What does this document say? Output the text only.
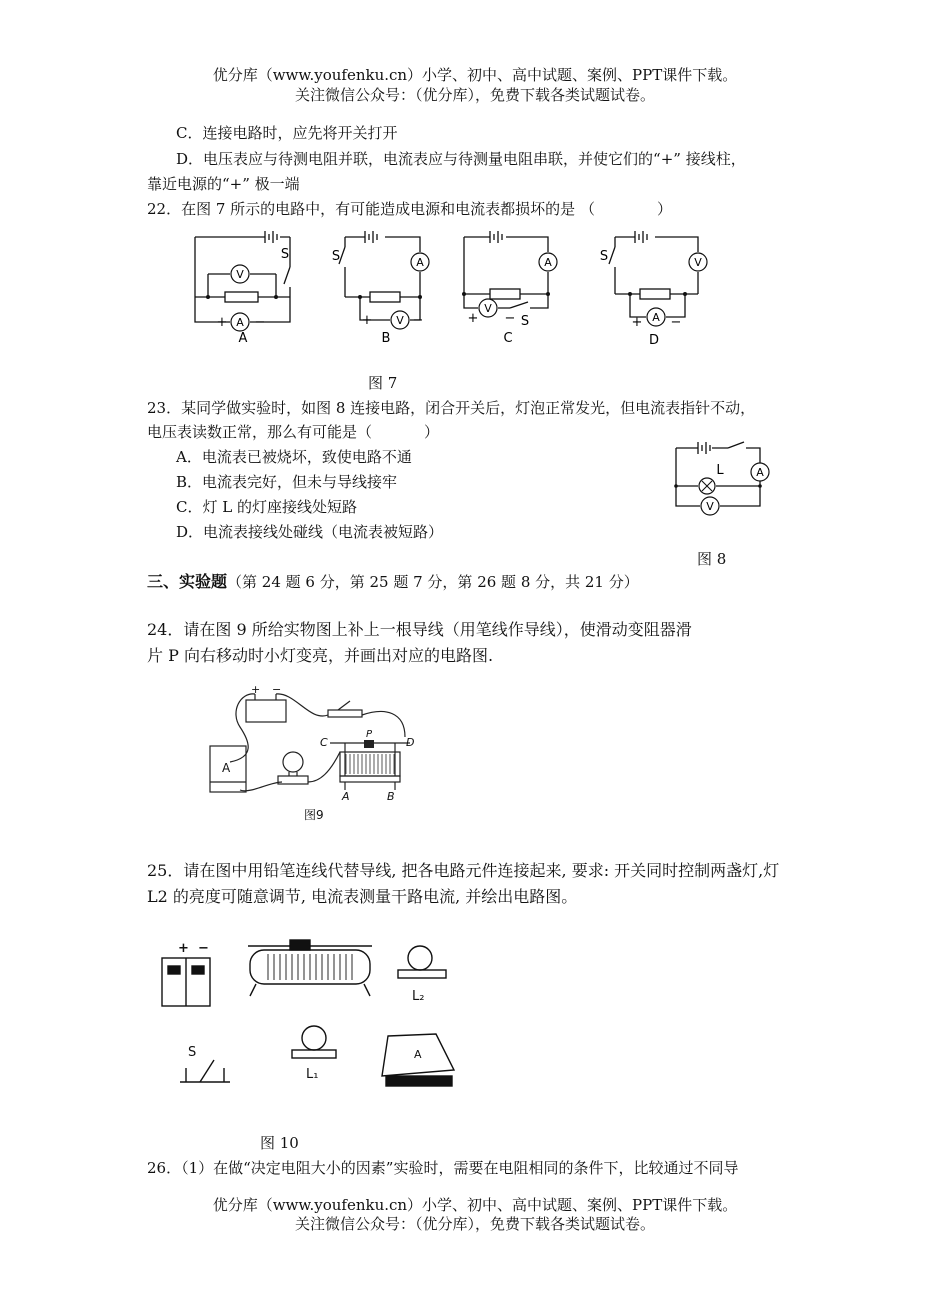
优分库（www.youfenku.cn）小学、初中、高中试题、案例、PPT课件下载。
关注微信公众号：（优分库），免费下载各类试题试卷。
C．连接电路时，应先将开关打开
D．电压表应与待测电阻并联，电流表应与待测量电阻串联，并使它们的“+” 接线柱，
靠近电源的“+” 极一端
22．在图 7 所示的电路中，有可能造成电源和电流表都损坏的是 （	）
V
A
A
V
A
V
V
A
S	S
S
S
+ −	+	−	+ −	+ −
A	B	C	D
图 7
23．某同学做实验时，如图 8 连接电路，闭合开关后，灯泡正常发光，但电流表指针不动，
电压表读数正常，那么有可能是（	）
A．电流表已被烧坏，致使电路不通
B．电流表完好，但未与导线接牢
C．灯 L 的灯座接线处短路
D．电流表接线处碰线（电流表被短路）
A
V
L
图 8
三、实验题（第 24 题 6 分，第 25 题 7 分，第 26 题 8 分，共 21 分）
24．请在图 9 所给实物图上补上一根导线（用笔线作导线），使滑动变阻器滑
片 P 向右移动时小灯变亮，并画出对应的电路图.
+ −
A
C	D
P
A	B
图9
25．请在图中用铅笔连线代替导线, 把各电路元件连接起来, 要求: 开关同时控制两盏灯,灯
L2 的亮度可随意调节, 电流表测量干路电流, 并绘出电路图。
+ −
L₂
S
L₁
A
图 10
26．（1）在做“决定电阻大小的因素”实验时，需要在电阻相同的条件下，比较通过不同导
优分库（www.youfenku.cn）小学、初中、高中试题、案例、PPT课件下载。
关注微信公众号：（优分库），免费下载各类试题试卷。
